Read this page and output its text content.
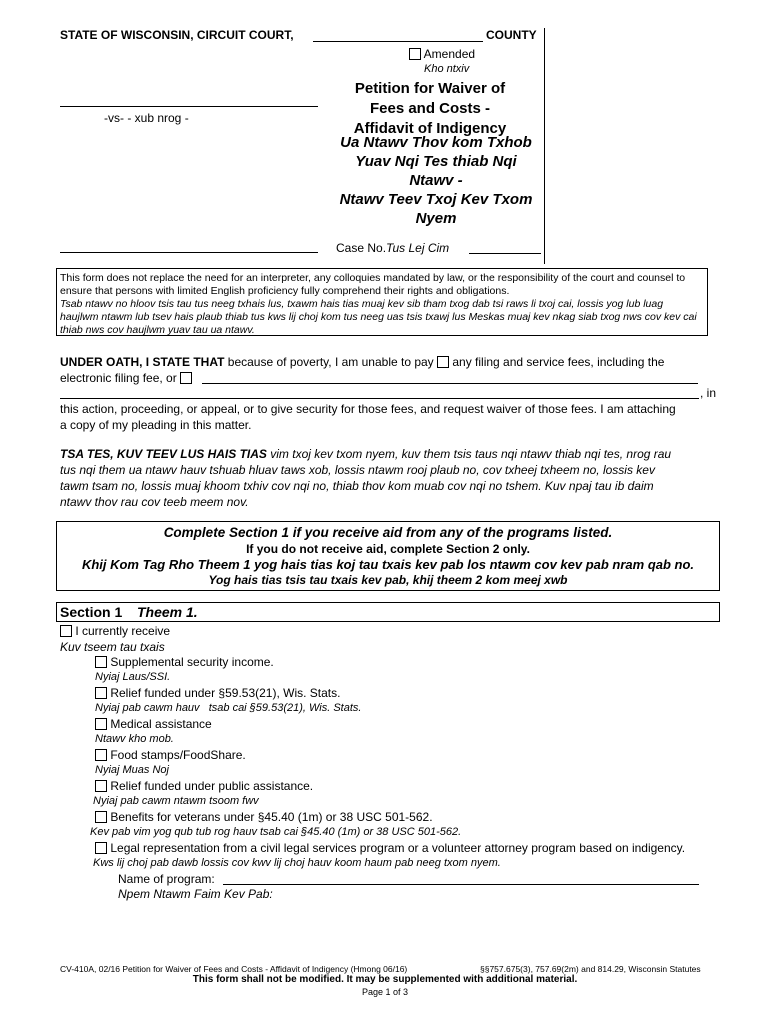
STATE OF WISCONSIN, CIRCUIT COURT,	COUNTY
Amended
Kho ntxiv
Petition for Waiver of
Fees and Costs -
Affidavit of Indigency
Ua Ntawv Thov kom Txhob
Yuav Nqi Tes thiab Nqi
Ntawv -
Ntawv Teev Txoj Kev Txom
Nyem
-vs- - xub nrog -
Case No.Tus Lej Cim
This form does not replace the need for an interpreter, any colloquies mandated by law, or the responsibility of the court and counsel to ensure that persons with limited English proficiency fully comprehend their rights and obligations.
Tsab ntawv no hloov tsis tau tus neeg txhais lus, txawm hais tias muaj kev sib tham txog dab tsi raws li txoj cai, lossis yog lub luag haujlwm ntawm lub tsev hais plaub thiab tus kws lij choj kom tus neeg uas tsis txawj lus Meskas muaj kev nkag siab txog nws cov kev cai thiab nws cov haujlwm yuav tau ua ntawv.
UNDER OATH, I STATE THAT because of poverty, I am unable to pay  any filing and service fees, including the
electronic filing fee, or
, in
this action, proceeding, or appeal, or to give security for those fees, and request waiver of those fees. I am attaching
a copy of my pleading in this matter.
TSA TES, KUV TEEV LUS HAIS TIAS vim txoj kev txom nyem, kuv them tsis taus nqi ntawv thiab nqi tes, nrog rau
tus nqi them ua ntawv hauv tshuab hluav taws xob, lossis ntawm rooj plaub no, cov txheej txheem no, lossis kev
tawm tsam no, lossis muaj khoom txhiv cov nqi no, thiab thov kom muab cov nqi no tshem. Kuv npaj tau ib daim
ntawv thov rau cov teeb meem nov.
Complete Section 1 if you receive aid from any of the programs listed.
If you do not receive aid, complete Section 2 only.
Khij Kom Tag Rho Theem 1 yog hais tias koj tau txais kev pab los ntawm cov kev pab nram qab no.
Yog hais tias tsis tau txais kev pab, khij theem 2 kom meej xwb
Section 1 Theem 1.
I currently receive
Kuv tseem tau txais
Supplemental security income.
Nyiaj Laus/SSI.
Relief funded under §59.53(21), Wis. Stats.
Nyiaj pab cawm hauv   tsab cai §59.53(21), Wis. Stats.
Medical assistance
Ntawv kho mob.
Food stamps/FoodShare.
Nyiaj Muas Noj
Relief funded under public assistance.
Nyiaj pab cawm ntawm tsoom fwv
Benefits for veterans under §45.40 (1m) or 38 USC 501-562.
Kev pab vim yog qub tub rog hauv tsab cai §45.40 (1m) or 38 USC 501-562.
Legal representation from a civil legal services program or a volunteer attorney program based on indigency.
Kws lij choj pab dawb lossis cov kwv lij choj hauv koom haum pab neeg txom nyem.
Name of program:
Npem Ntawm Faim Kev Pab:
CV-410A, 02/16 Petition for Waiver of Fees and Costs - Affidavit of Indigency (Hmong 06/16)	§§757.675(3), 757.69(2m) and 814.29, Wisconsin Statutes
This form shall not be modified. It may be supplemented with additional material.
Page 1 of 3
